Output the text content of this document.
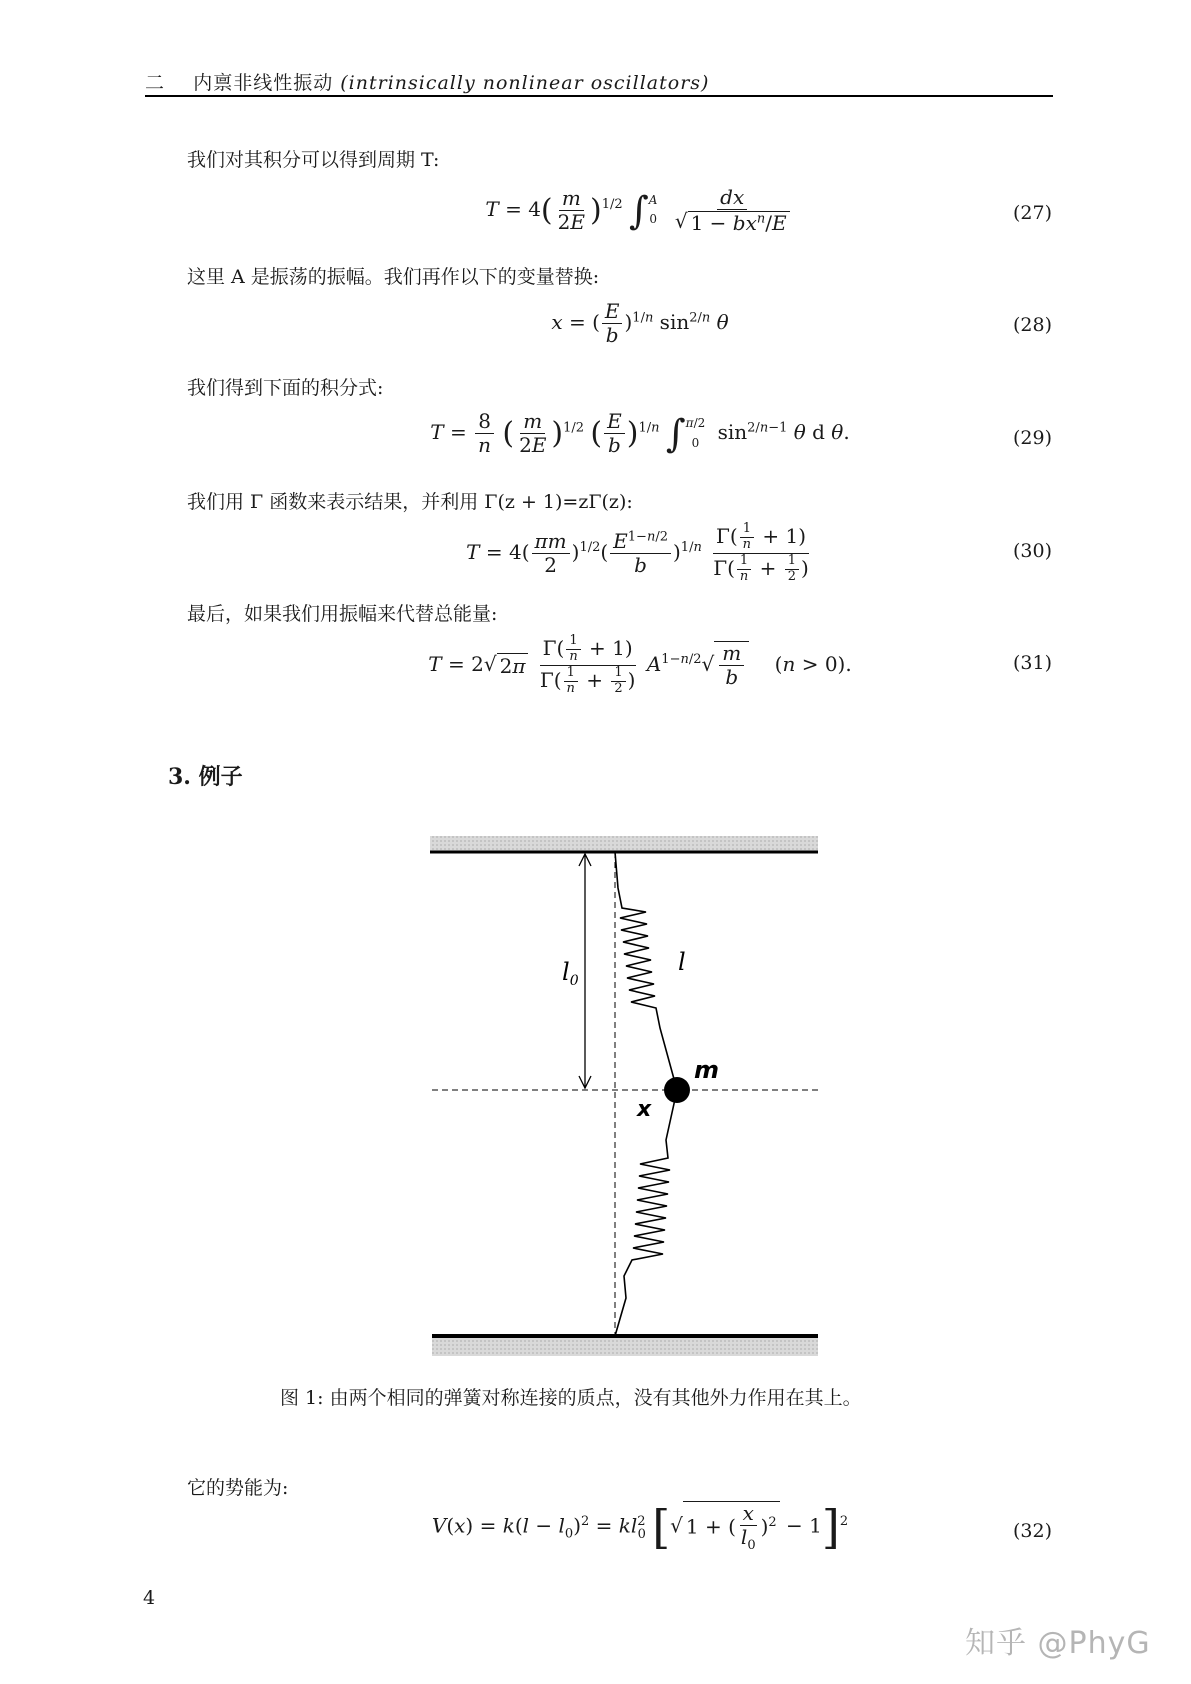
二 内禀非线性振动 (intrinsically nonlinear oscillators)
我们对其积分可以得到周期 T:
$T = 4( \frac{m}{2E} )^{1/2}$ ∫ A
0
$\frac{dx}{√ 1 - bx^n/E}$	(27)
这里 A 是振荡的振幅。我们再作以下的变量替换:
x = ( $\frac{E}{b} )^{1/n}$ $\sin^{2/n} \theta$	(28)
我们得到下面的积分式:
$T = \frac{8}{n}$ ( $\frac{m}{2E} )^{1/2}$ ( $\frac{E}{b} )^{1/n}$ ∫ π/2
0 $\sin^{2/n-1} \theta$ d θ.	(29)
我们用 Γ 函数来表示结果，并利用 Γ(z + 1)=zΓ(z):
$T = 4( \frac{\pi m}{2} )^{1/2}( \frac{E^{1-n/2}}{b} )^{1/n} \frac{\Gamma( \frac{1}{n} + 1)}{\Gamma( \frac{1}{n} + \frac{1}{2} )}$	(30)
最后，如果我们用振幅来代替总能量:
T = 2√ $2\pi \frac{\Gamma( \frac{1}{n} + 1)}{\Gamma( \frac{1}{n} + \frac{1}{2} )} A^{1-n/2}√ \frac{m}{b} (n > 0)$.	(31)
3. 例子
$l_0$
l
m
x
图 1: 由两个相同的弹簧对称连接的质点，没有其他外力作用在其上。
它的势能为:
$V(x) = k(l - l_0)^2 = kl^2_0$ [√ 1 + ( $\frac{x}{l_0} )^2 - 1]^2$	(32)
4
知乎 @PhyG
